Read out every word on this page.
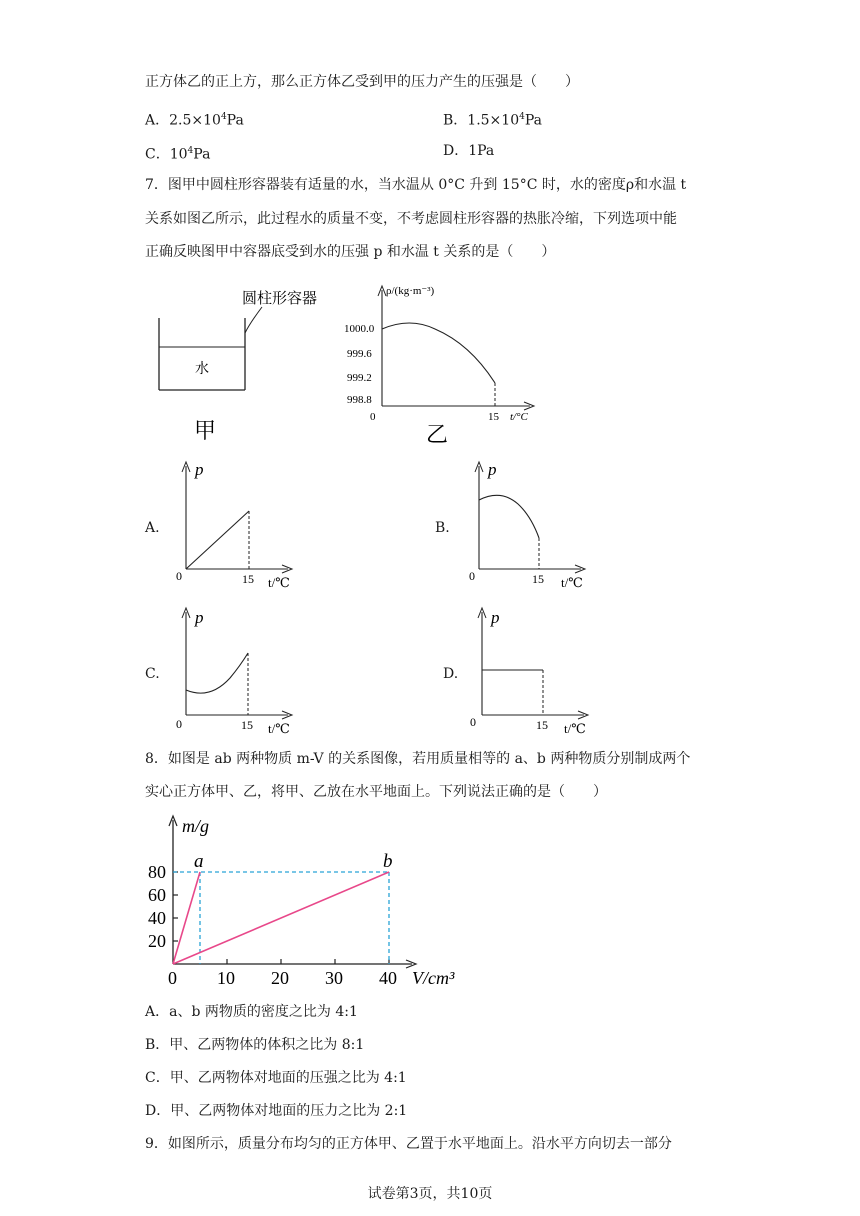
正方体乙的正上方，那么正方体乙受到甲的压力产生的压强是（　　）
A．$2.5\times 10^4Pa$	B．$1.5\times 10^4Pa$
C．$10^4Pa$	D．1Pa
7．图甲中圆柱形容器装有适量的水，当水温从 0°C 升到 15°C 时，水的密度ρ和水温 t
关系如图乙所示，此过程水的质量不变，不考虑圆柱形容器的热胀冷缩，下列选项中能
正确反映图甲中容器底受到水的压强 p 和水温 t 关系的是（　　）
圆柱形容器
水
甲
ρ/(kg·m⁻³)
1000.0
999.6
999.2
998.8
0	15 t/°C
乙
A.
p
0	15 t/℃
B.
p
0	15 t/℃
C.
p
0	15 t/℃
D.
p
0	15 t/℃
8．如图是 ab 两种物质 m-V 的关系图像，若用质量相等的 a、b 两种物质分别制成两个
实心正方体甲、乙，将甲、乙放在水平地面上。下列说法正确的是（　　）
m/g
V/cm³
20
40
60
80
0 10 20 30 40
a	b
A．a、b 两物质的密度之比为 4:1
B．甲、乙两物体的体积之比为 8:1
C．甲、乙两物体对地面的压强之比为 4:1
D．甲、乙两物体对地面的压力之比为 2:1
9．如图所示，质量分布均匀的正方体甲、乙置于水平地面上。沿水平方向切去一部分
试卷第3页，共10页
